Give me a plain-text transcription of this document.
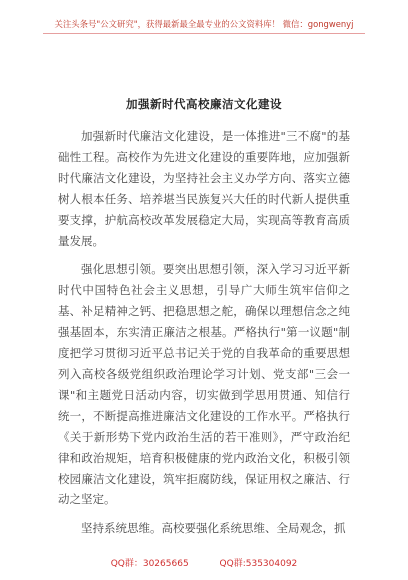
关注头条号"公文研究"，获得最新最全最专业的公文资料库！ 微信：gongwenyj
加强新时代高校廉洁文化建设

加强新时代廉洁文化建设，是一体推进"三不腐"的基础性工程。高校作为先进文化建设的重要阵地，应加强新时代廉洁文化建设，为坚持社会主义办学方向、落实立德树人根本任务、培养堪当民族复兴大任的时代新人提供重要支撑，护航高校改革发展稳定大局，实现高等教育高质量发展。

强化思想引领。要突出思想引领，深入学习习近平新时代中国特色社会主义思想，引导广大师生筑牢信仰之基、补足精神之钙、把稳思想之舵，确保以理想信念之纯强基固本，东实清正廉洁之根基。严格执行"第一议题"制度把学习贯彻习近平总书记关于党的自我革命的重要思想列入高校各级党组织政治理论学习计划、党支部"三会一课"和主题党日活动内容，切实做到学思用贯通、知信行统一，不断提高推进廉洁文化建设的工作水平。严格执行《关于新形势下党内政治生活的若干准则》，严守政治纪律和政治规矩，培育积极健康的党内政治文化，积极引领校园廉洁文化建设，筑牢拒腐防线，保证用权之廉洁、行动之坚定。

坚持系统思维。高校要强化系统思维、全局观念，抓

QQ群：30265665	QQ群:535304092
